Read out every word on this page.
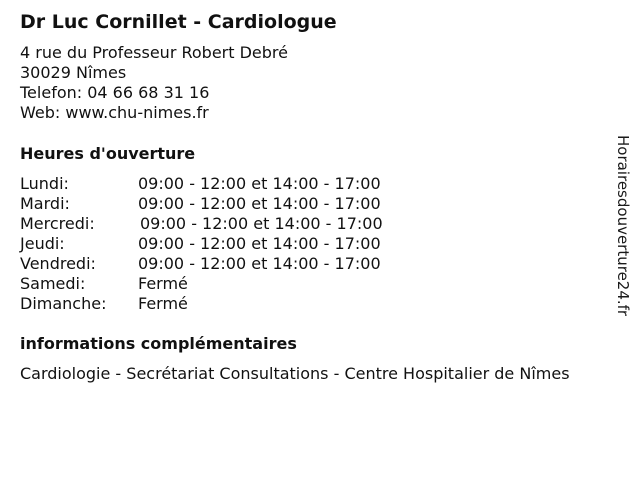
Dr Luc Cornillet - Cardiologue
4 rue du Professeur Robert Debré
30029 Nîmes
Telefon: 04 66 68 31 16
Web: www.chu-nimes.fr
Heures d'ouverture
Lundi:	09:00 - 12:00 et 14:00 - 17:00
Mardi:	09:00 - 12:00 et 14:00 - 17:00
Mercredi:	09:00 - 12:00 et 14:00 - 17:00
Jeudi:	09:00 - 12:00 et 14:00 - 17:00
Vendredi:	09:00 - 12:00 et 14:00 - 17:00
Samedi:	Fermé
Dimanche: Fermé
informations complémentaires
Cardiologie - Secrétariat Consultations - Centre Hospitalier de Nîmes
Horairesdouverture24.fr
